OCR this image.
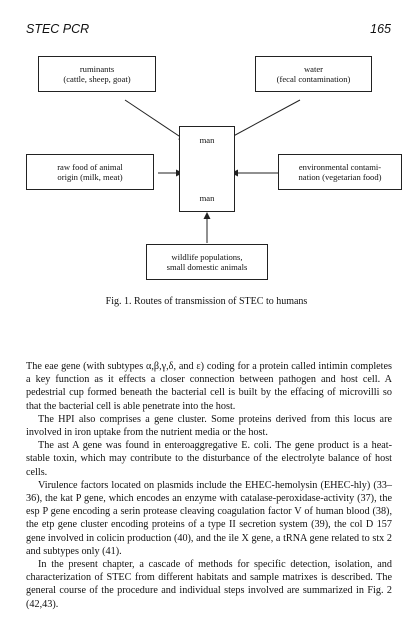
STEC PCR	165
ruminants
(cattle, sheep, goat)
water
(fecal contamination)
man
man
raw food of animal
origin (milk, meat)
environmental contami-
nation (vegetarian food)
wildlife populations,
small domestic animals
Fig. 1. Routes of transmission of STEC to humans

The eae gene (with subtypes α,β,γ,δ, and ε) coding for a protein called intimin completes a key function as it effects a closer connection between pathogen and host cell. A pedestrial cup formed beneath the bacterial cell is built by the effacing of microvilli so that the bacterial cell is able penetrate into the host.

The HPI also comprises a gene cluster. Some proteins derived from this locus are involved in iron uptake from the nutrient media or the host.

The ast A gene was found in enteroaggregative E. coli. The gene product is a heat-stable toxin, which may contribute to the disturbance of the electrolyte balance of host cells.

Virulence factors located on plasmids include the EHEC-hemolysin (EHEC-hly) (33–36), the kat P gene, which encodes an enzyme with catalase-peroxidase-activity (37), the esp P gene encoding a serin protease cleaving coagulation factor V of human blood (38), the etp gene cluster encoding proteins of a type II secretion system (39), the col D 157 gene involved in colicin production (40), and the ile X gene, a tRNA gene related to stx 2 and subtypes only (41).

In the present chapter, a cascade of methods for specific detection, isolation, and characterization of STEC from different habitats and sample matrixes is described. The general course of the procedure and individual steps involved are summarized in Fig. 2 (42,43).
